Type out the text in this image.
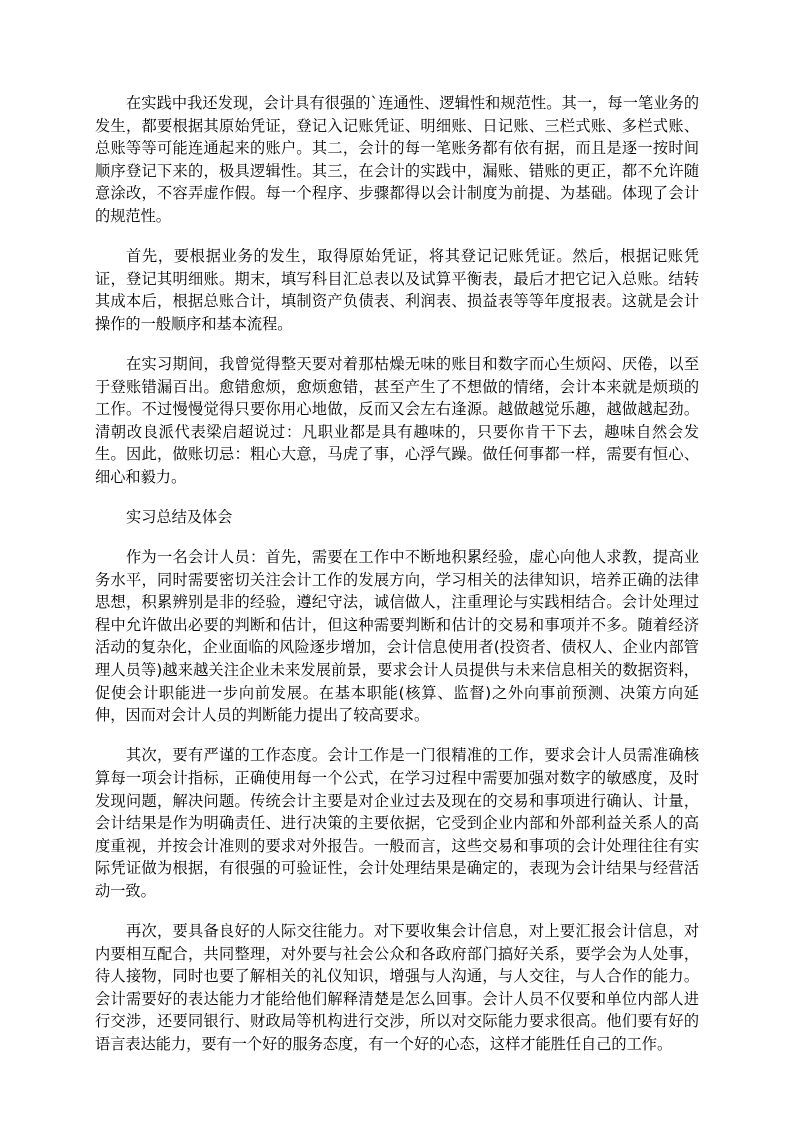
在实践中我还发现，会计具有很强的`连通性、逻辑性和规范性。其一，每一笔业务的发生，都要根据其原始凭证，登记入记账凭证、明细账、日记账、三栏式账、多栏式账、总账等等可能连通起来的账户。其二，会计的每一笔账务都有依有据，而且是逐一按时间顺序登记下来的，极具逻辑性。其三，在会计的实践中，漏账、错账的更正，都不允许随意涂改，不容弄虚作假。每一个程序、步骤都得以会计制度为前提、为基础。体现了会计的规范性。

首先，要根据业务的发生，取得原始凭证，将其登记记账凭证。然后，根据记账凭证，登记其明细账。期末，填写科目汇总表以及试算平衡表，最后才把它记入总账。结转其成本后，根据总账合计，填制资产负债表、利润表、损益表等等年度报表。这就是会计操作的一般顺序和基本流程。

在实习期间，我曾觉得整天要对着那枯燥无味的账目和数字而心生烦闷、厌倦，以至于登账错漏百出。愈错愈烦，愈烦愈错，甚至产生了不想做的情绪，会计本来就是烦琐的工作。不过慢慢觉得只要你用心地做，反而又会左右逢源。越做越觉乐趣，越做越起劲。清朝改良派代表梁启超说过：凡职业都是具有趣味的，只要你肯干下去，趣味自然会发生。因此，做账切忌：粗心大意，马虎了事，心浮气躁。做任何事都一样，需要有恒心、细心和毅力。

实习总结及体会

作为一名会计人员：首先，需要在工作中不断地积累经验，虚心向他人求教，提高业务水平，同时需要密切关注会计工作的发展方向，学习相关的法律知识，培养正确的法律思想，积累辨别是非的经验，遵纪守法，诚信做人，注重理论与实践相结合。会计处理过程中允许做出必要的判断和估计，但这种需要判断和估计的交易和事项并不多。随着经济活动的复杂化，企业面临的风险逐步增加，会计信息使用者(投资者、债权人、企业内部管理人员等)越来越关注企业未来发展前景，要求会计人员提供与未来信息相关的数据资料，促使会计职能进一步向前发展。在基本职能(核算、监督)之外向事前预测、决策方向延伸，因而对会计人员的判断能力提出了较高要求。

其次，要有严谨的工作态度。会计工作是一门很精准的工作，要求会计人员需准确核算每一项会计指标，正确使用每一个公式，在学习过程中需要加强对数字的敏感度，及时发现问题，解决问题。传统会计主要是对企业过去及现在的交易和事项进行确认、计量，会计结果是作为明确责任、进行决策的主要依据，它受到企业内部和外部利益关系人的高度重视，并按会计准则的要求对外报告。一般而言，这些交易和事项的会计处理往往有实际凭证做为根据，有很强的可验证性，会计处理结果是确定的，表现为会计结果与经营活动一致。

再次，要具备良好的人际交往能力。对下要收集会计信息，对上要汇报会计信息，对内要相互配合，共同整理，对外要与社会公众和各政府部门搞好关系，要学会为人处事，待人接物，同时也要了解相关的礼仪知识，增强与人沟通，与人交往，与人合作的能力。会计需要好的表达能力才能给他们解释清楚是怎么回事。会计人员不仅要和单位内部人进行交涉，还要同银行、财政局等机构进行交涉，所以对交际能力要求很高。他们要有好的语言表达能力，要有一个好的服务态度，有一个好的心态，这样才能胜任自己的工作。
